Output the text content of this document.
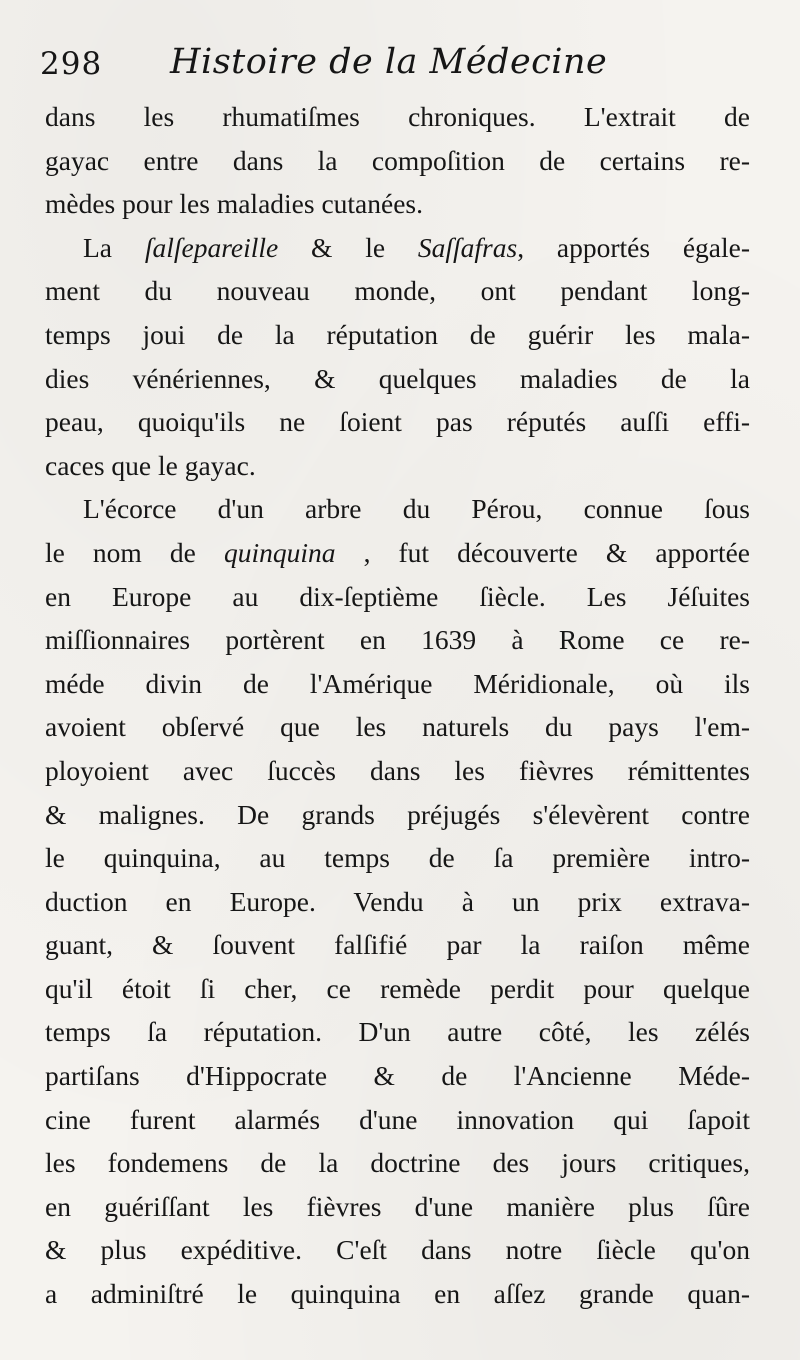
298 Histoire de la Médecine
dans les rhumatiſmes chroniques. L'extrait de
gayac entre dans la compoſition de certains re-
mèdes pour les maladies cutanées.
La ſalſepareille & le Saſſafras, apportés égale-
ment du nouveau monde, ont pendant long-
temps joui de la réputation de guérir les mala-
dies vénériennes, & quelques maladies de la
peau, quoiqu'ils ne ſoient pas réputés auſſi effi-
caces que le gayac.
L'écorce d'un arbre du Pérou, connue ſous
le nom de quinquina , fut découverte & apportée
en Europe au dix-ſeptième ſiècle. Les Jéſuites
miſſionnaires portèrent en 1639 à Rome ce re-
méde divin de l'Amérique Méridionale, où ils
avoient obſervé que les naturels du pays l'em-
ployoient avec ſuccès dans les fièvres rémittentes
& malignes. De grands préjugés s'élevèrent contre
le quinquina, au temps de ſa première intro-
duction en Europe. Vendu à un prix extrava-
guant, & ſouvent falſifié par la raiſon même
qu'il étoit ſi cher, ce remède perdit pour quelque
temps ſa réputation. D'un autre côté, les zélés
partiſans d'Hippocrate & de l'Ancienne Méde-
cine furent alarmés d'une innovation qui ſapoit
les fondemens de la doctrine des jours critiques,
en guériſſant les fièvres d'une manière plus ſûre
& plus expéditive. C'eſt dans notre ſiècle qu'on
a adminiſtré le quinquina en aſſez grande quan-
